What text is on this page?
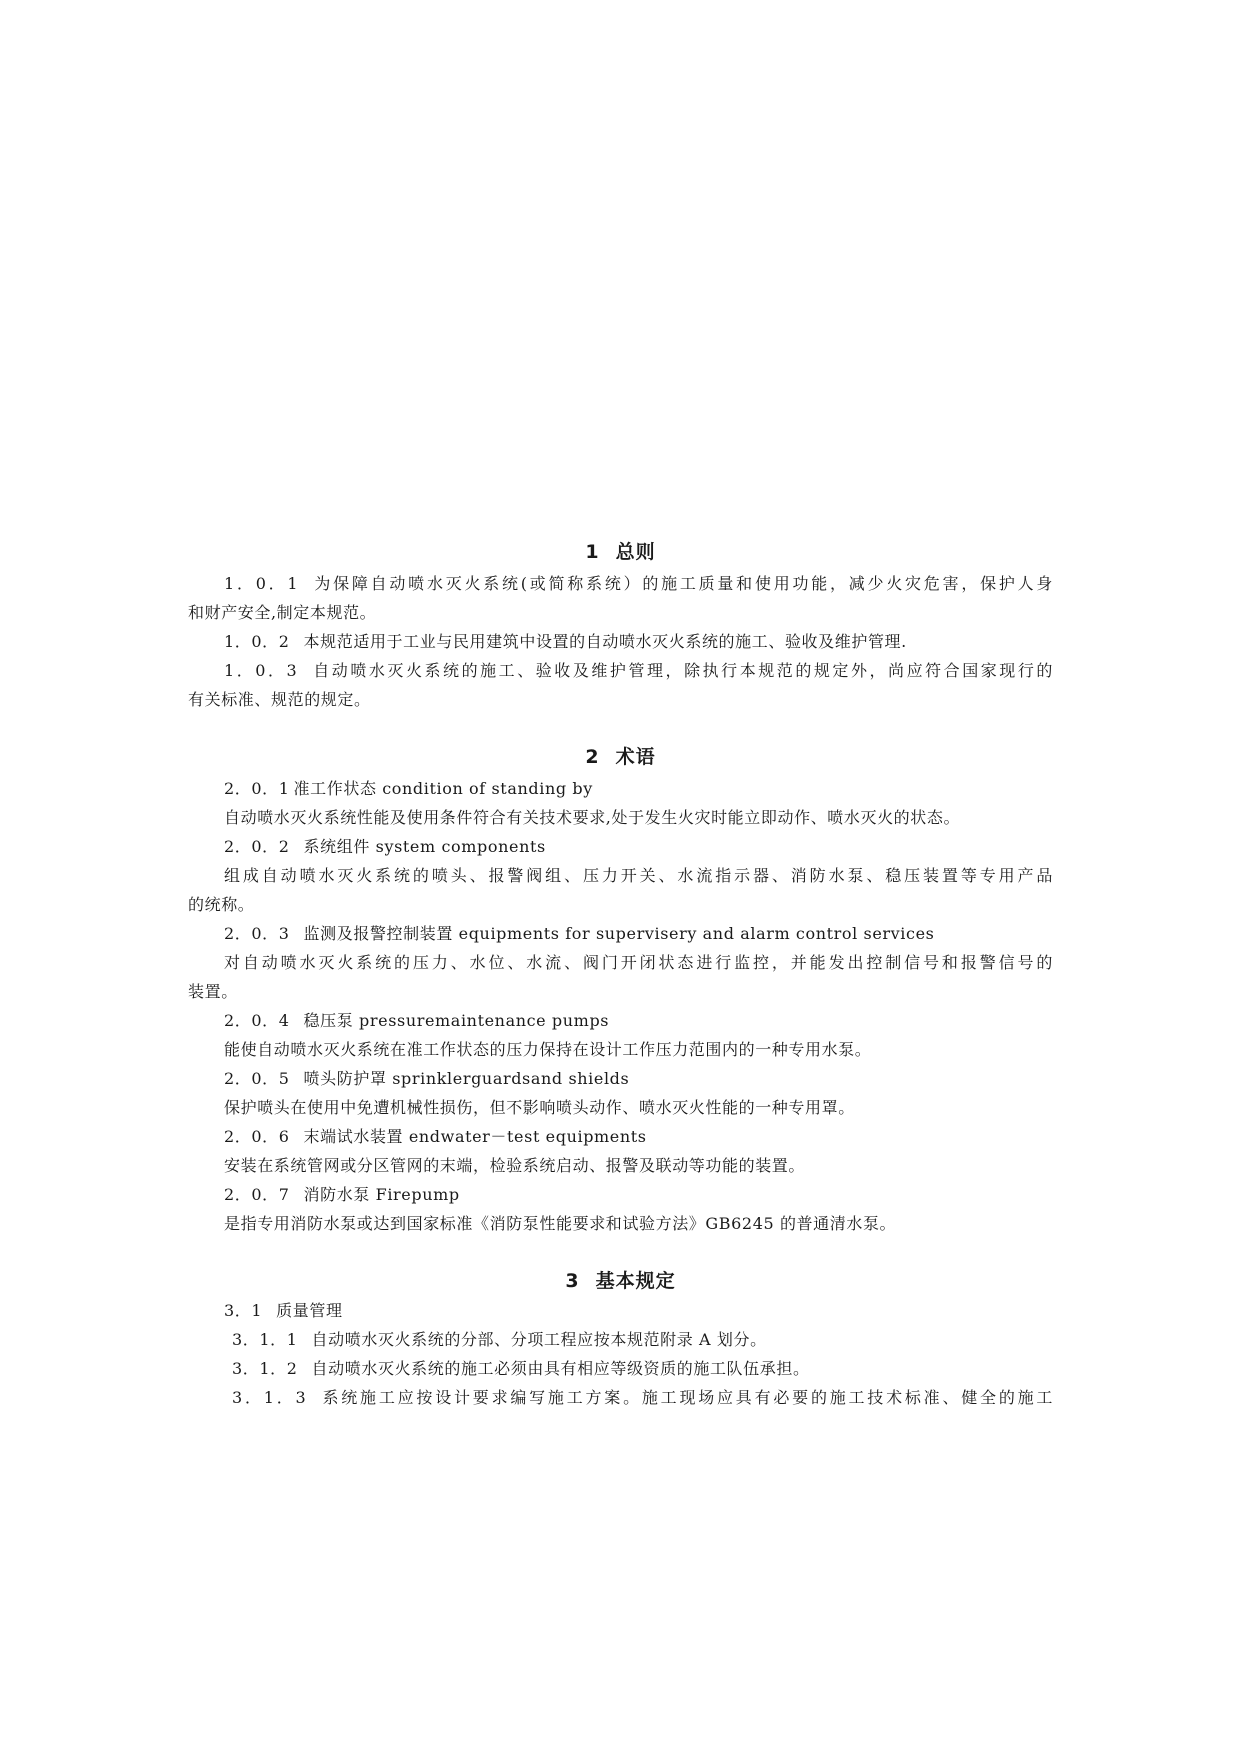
1 总则
1．0．1 为保障自动喷水灭火系统(或简称系统）的施工质量和使用功能，减少火灾危害，保护人身
和财产安全,制定本规范。
1．0．2 本规范适用于工业与民用建筑中设置的自动喷水灭火系统的施工、验收及维护管理.
1．0．3 自动喷水灭火系统的施工、验收及维护管理，除执行本规范的规定外，尚应符合国家现行的
有关标准、规范的规定。
2 术语
2．0．1 准工作状态 condition of standing by
自动喷水灭火系统性能及使用条件符合有关技术要求,处于发生火灾时能立即动作、喷水灭火的状态。
2．0．2 系统组件 system components
组成自动喷水灭火系统的喷头、报警阀组、压力开关、水流指示器、消防水泵、稳压装置等专用产品
的统称。
2．0．3 监测及报警控制装置 equipments for supervisery and alarm control services
对自动喷水灭火系统的压力、水位、水流、阀门开闭状态进行监控，并能发出控制信号和报警信号的
装置。
2．0．4 稳压泵 pressuremaintenance pumps
能使自动喷水灭火系统在准工作状态的压力保持在设计工作压力范围内的一种专用水泵。
2．0．5 喷头防护罩 sprinklerguardsand shields
保护喷头在使用中免遭机械性损伤，但不影响喷头动作、喷水灭火性能的一种专用罩。
2．0．6 末端试水装置 endwater－test equipments
安装在系统管网或分区管网的末端，检验系统启动、报警及联动等功能的装置。
2．0．7 消防水泵 Firepump
是指专用消防水泵或达到国家标准《消防泵性能要求和试验方法》GB6245 的普通清水泵。
3 基本规定
3．1 质量管理
3．1．1 自动喷水灭火系统的分部、分项工程应按本规范附录 A 划分。
3．1．2 自动喷水灭火系统的施工必须由具有相应等级资质的施工队伍承担。
3．1．3 系统施工应按设计要求编写施工方案。施工现场应具有必要的施工技术标准、健全的施工
